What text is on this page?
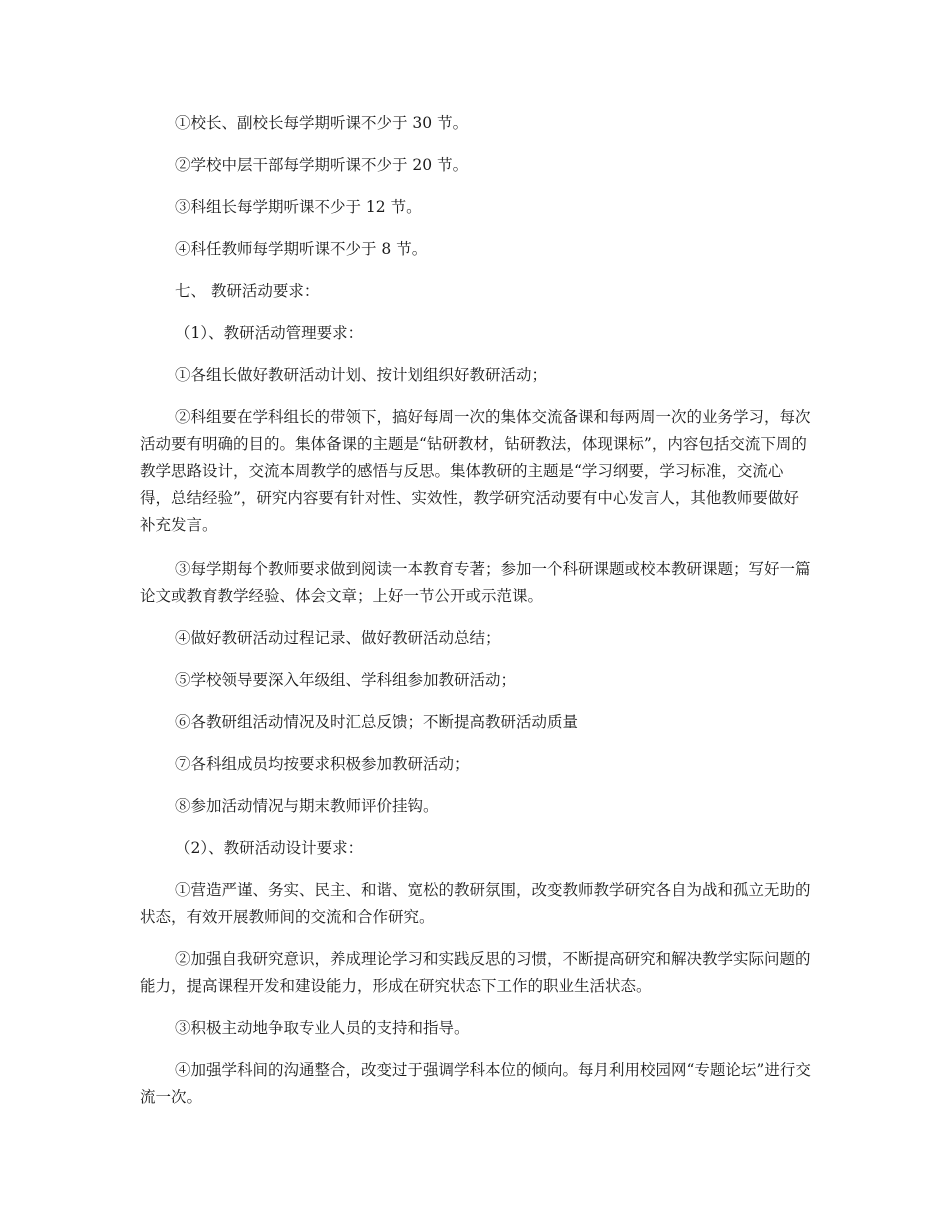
①校长、副校长每学期听课不少于 30 节。

②学校中层干部每学期听课不少于 20 节。

③科组长每学期听课不少于 12 节。

④科任教师每学期听课不少于 8 节。

七、 教研活动要求：

（1）、教研活动管理要求：

①各组长做好教研活动计划、按计划组织好教研活动；

②科组要在学科组长的带领下，搞好每周一次的集体交流备课和每两周一次的业务学习，每次活动要有明确的目的。集体备课的主题是“钻研教材，钻研教法，体现课标”，内容包括交流下周的教学思路设计，交流本周教学的感悟与反思。集体教研的主题是“学习纲要，学习标准，交流心得，总结经验”，研究内容要有针对性、实效性，教学研究活动要有中心发言人，其他教师要做好补充发言。

③每学期每个教师要求做到阅读一本教育专著；参加一个科研课题或校本教研课题；写好一篇论文或教育教学经验、体会文章；上好一节公开或示范课。

④做好教研活动过程记录、做好教研活动总结；

⑤学校领导要深入年级组、学科组参加教研活动；

⑥各教研组活动情况及时汇总反馈；不断提高教研活动质量

⑦各科组成员均按要求积极参加教研活动；

⑧参加活动情况与期末教师评价挂钩。

（2）、教研活动设计要求：

①营造严谨、务实、民主、和谐、宽松的教研氛围，改变教师教学研究各自为战和孤立无助的状态，有效开展教师间的交流和合作研究。

②加强自我研究意识，养成理论学习和实践反思的习惯，不断提高研究和解决教学实际问题的能力，提高课程开发和建设能力，形成在研究状态下工作的职业生活状态。

③积极主动地争取专业人员的支持和指导。

④加强学科间的沟通整合，改变过于强调学科本位的倾向。每月利用校园网“专题论坛”进行交流一次。
